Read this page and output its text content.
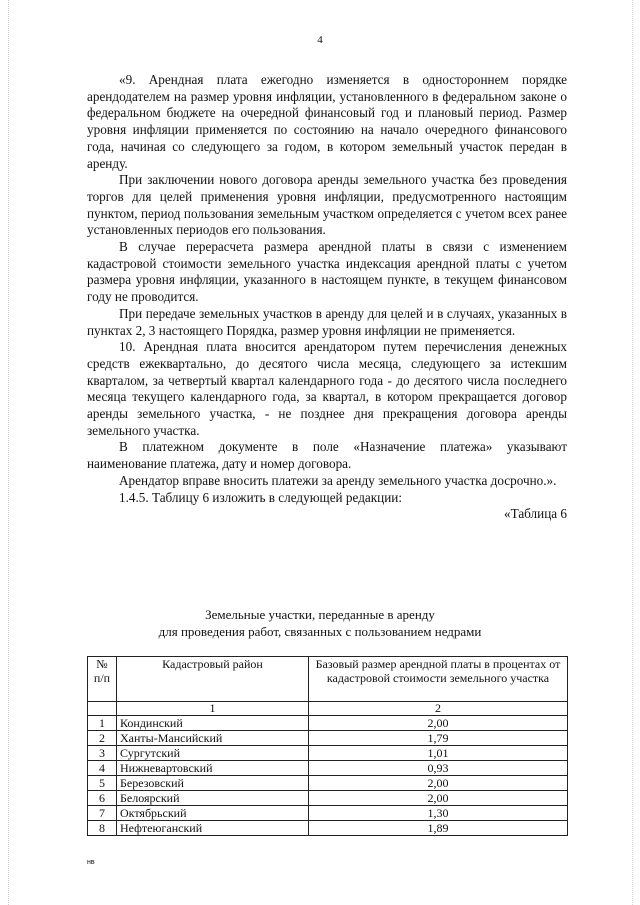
4

«9. Арендная плата ежегодно изменяется в одностороннем порядке арендодателем на размер уровня инфляции, установленного в федеральном законе о федеральном бюджете на очередной финансовый год и плановый период. Размер уровня инфляции применяется по состоянию на начало очередного финансового года, начиная со следующего за годом, в котором земельный участок передан в аренду.

При заключении нового договора аренды земельного участка без проведения торгов для целей применения уровня инфляции, предусмотренного настоящим пунктом, период пользования земельным участком определяется с учетом всех ранее установленных периодов его пользования.

В случае перерасчета размера арендной платы в связи с изменением кадастровой стоимости земельного участка индексация арендной платы с учетом размера уровня инфляции, указанного в настоящем пункте, в текущем финансовом году не проводится.

При передаче земельных участков в аренду для целей и в случаях, указанных в пунктах 2, 3 настоящего Порядка, размер уровня инфляции не применяется.

10. Арендная плата вносится арендатором путем перечисления денежных средств ежеквартально, до десятого числа месяца, следующего за истекшим кварталом, за четвертый квартал календарного года - до десятого числа последнего месяца текущего календарного года, за квартал, в котором прекращается договор аренды земельного участка, - не позднее дня прекращения договора аренды земельного участка.

В платежном документе в поле «Назначение платежа» указывают наименование платежа, дату и номер договора.

Арендатор вправе вносить платежи за аренду земельного участка досрочно.».

1.4.5. Таблицу 6 изложить в следующей редакции:

«Таблица 6

Земельные участки, переданные в аренду
для проведения работ, связанных с пользованием недрами
№ п/п	Кадастровый район	Базовый размер арендной платы в процентах от кадастровой стоимости земельного участка
	1	2
1	Кондинский	2,00
2	Ханты-Мансийский	1,79
3	Сургутский	1,01
4	Нижневартовский	0,93
5	Березовский	2,00
6	Белоярский	2,00
7	Октябрьский	1,30
8	Нефтеюганский	1,89
нв
